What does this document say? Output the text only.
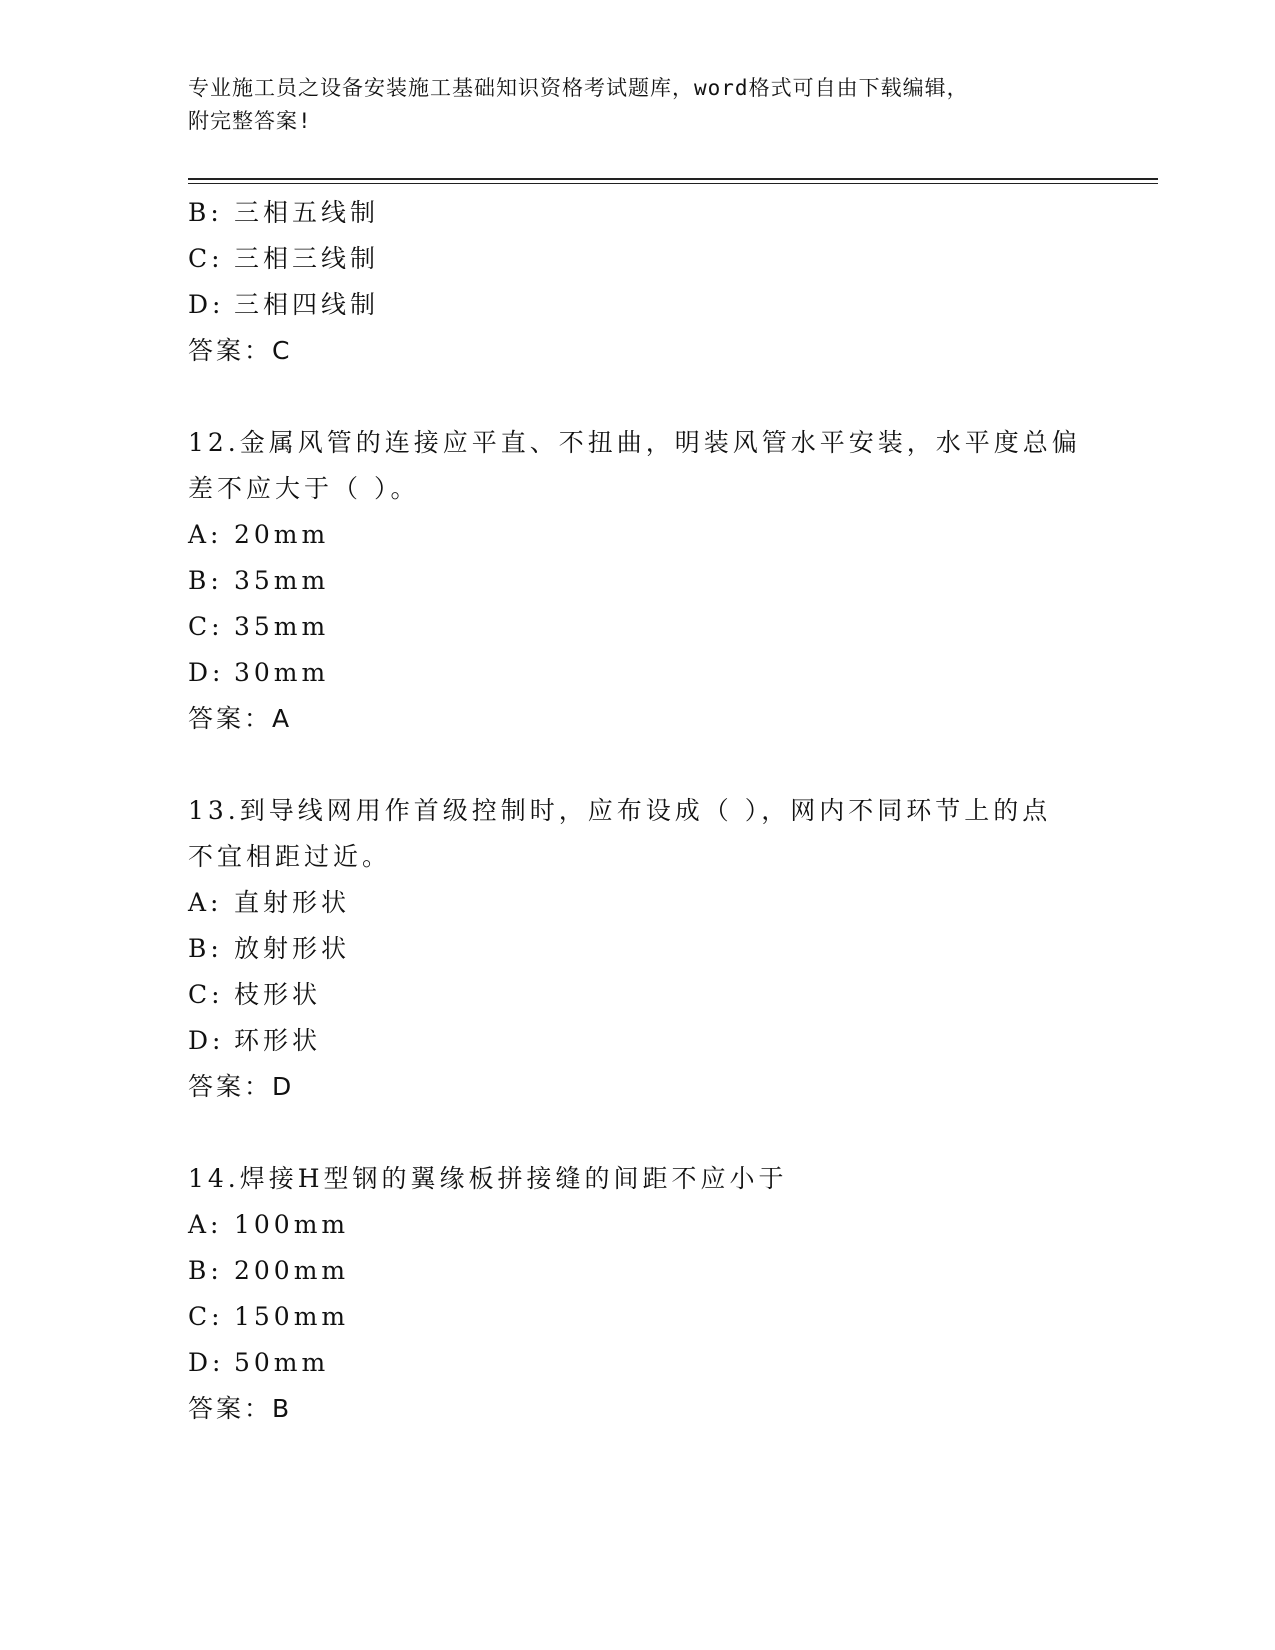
专业施工员之设备安装施工基础知识资格考试题库，word格式可自由下载编辑，
附完整答案!
B: 三相五线制
C: 三相三线制
D: 三相四线制
答案：C
12.金属风管的连接应平直、不扭曲，明装风管水平安装，水平度总偏
差不应大于（ ）。
A: 20mm
B: 35mm
C: 35mm
D: 30mm
答案：A
13.到导线网用作首级控制时，应布设成（ ），网内不同环节上的点
不宜相距过近。
A: 直射形状
B: 放射形状
C: 枝形状
D: 环形状
答案：D
14.焊接H型钢的翼缘板拼接缝的间距不应小于
A: 100mm
B: 200mm
C: 150mm
D: 50mm
答案：B
